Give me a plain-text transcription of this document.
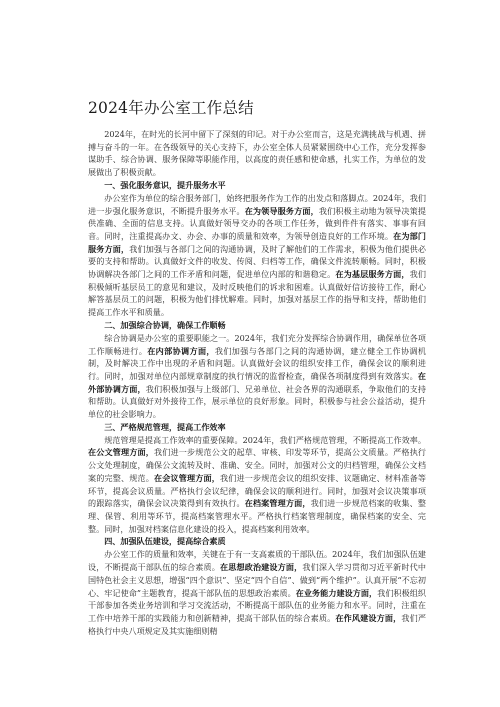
2024年办公室工作总结

2024年，在时光的长河中留下了深刻的印记。对于办公室而言，这是充满挑战与机遇、拼搏与奋斗的一年。在各级领导的关心支持下，办公室全体人员紧紧围绕中心工作，充分发挥参谋助手、综合协调、服务保障等职能作用，以高度的责任感和使命感，扎实工作，为单位的发展做出了积极贡献。

一、强化服务意识，提升服务水平

办公室作为单位的综合服务部门，始终把服务作为工作的出发点和落脚点。2024年，我们进一步强化服务意识，不断提升服务水平。在为领导服务方面，我们积极主动地为领导决策提供准确、全面的信息支持。认真做好领导交办的各项工作任务，做到件件有落实、事事有回音。同时，注重提高办文、办会、办事的质量和效率，为领导创造良好的工作环境。在为部门服务方面，我们加强与各部门之间的沟通协调，及时了解他们的工作需求，积极为他们提供必要的支持和帮助。认真做好文件的收发、传阅、归档等工作，确保文件流转顺畅。同时，积极协调解决各部门之间的工作矛盾和问题，促进单位内部的和谐稳定。在为基层服务方面，我们积极倾听基层员工的意见和建议，及时反映他们的诉求和困难。认真做好信访接待工作，耐心解答基层员工的问题，积极为他们排忧解难。同时，加强对基层工作的指导和支持，帮助他们提高工作水平和质量。

二、加强综合协调，确保工作顺畅

综合协调是办公室的重要职能之一。2024年，我们充分发挥综合协调作用，确保单位各项工作顺畅进行。在内部协调方面，我们加强与各部门之间的沟通协调，建立健全工作协调机制，及时解决工作中出现的矛盾和问题。认真做好会议的组织安排工作，确保会议的顺利进行。同时，加强对单位内部规章制度的执行情况的监督检查，确保各项制度得到有效落实。在外部协调方面，我们积极加强与上级部门、兄弟单位、社会各界的沟通联系，争取他们的支持和帮助。认真做好对外接待工作，展示单位的良好形象。同时，积极参与社会公益活动，提升单位的社会影响力。

三、严格规范管理，提高工作效率

规范管理是提高工作效率的重要保障。2024年，我们严格规范管理，不断提高工作效率。在公文管理方面，我们进一步规范公文的起草、审核、印发等环节，提高公文质量。严格执行公文处理制度，确保公文流转及时、准确、安全。同时，加强对公文的归档管理，确保公文档案的完整、规范。在会议管理方面，我们进一步规范会议的组织安排、议题确定、材料准备等环节，提高会议质量。严格执行会议纪律，确保会议的顺利进行。同时，加强对会议决策事项的跟踪落实，确保会议决策得到有效执行。在档案管理方面，我们进一步规范档案的收集、整理、保管、利用等环节，提高档案管理水平。严格执行档案管理制度，确保档案的安全、完整。同时，加强对档案信息化建设的投入，提高档案利用效率。

四、加强队伍建设，提高综合素质

办公室工作的质量和效率，关键在于有一支高素质的干部队伍。2024年，我们加强队伍建设，不断提高干部队伍的综合素质。在思想政治建设方面，我们深入学习贯彻习近平新时代中国特色社会主义思想，增强“四个意识”、坚定“四个自信”、做到“两个维护”。认真开展“不忘初心、牢记使命”主题教育，提高干部队伍的思想政治素质。在业务能力建设方面，我们积极组织干部参加各类业务培训和学习交流活动，不断提高干部队伍的业务能力和水平。同时，注重在工作中培养干部的实践能力和创新精神，提高干部队伍的综合素质。在作风建设方面，我们严格执行中央八项规定及其实施细则精
